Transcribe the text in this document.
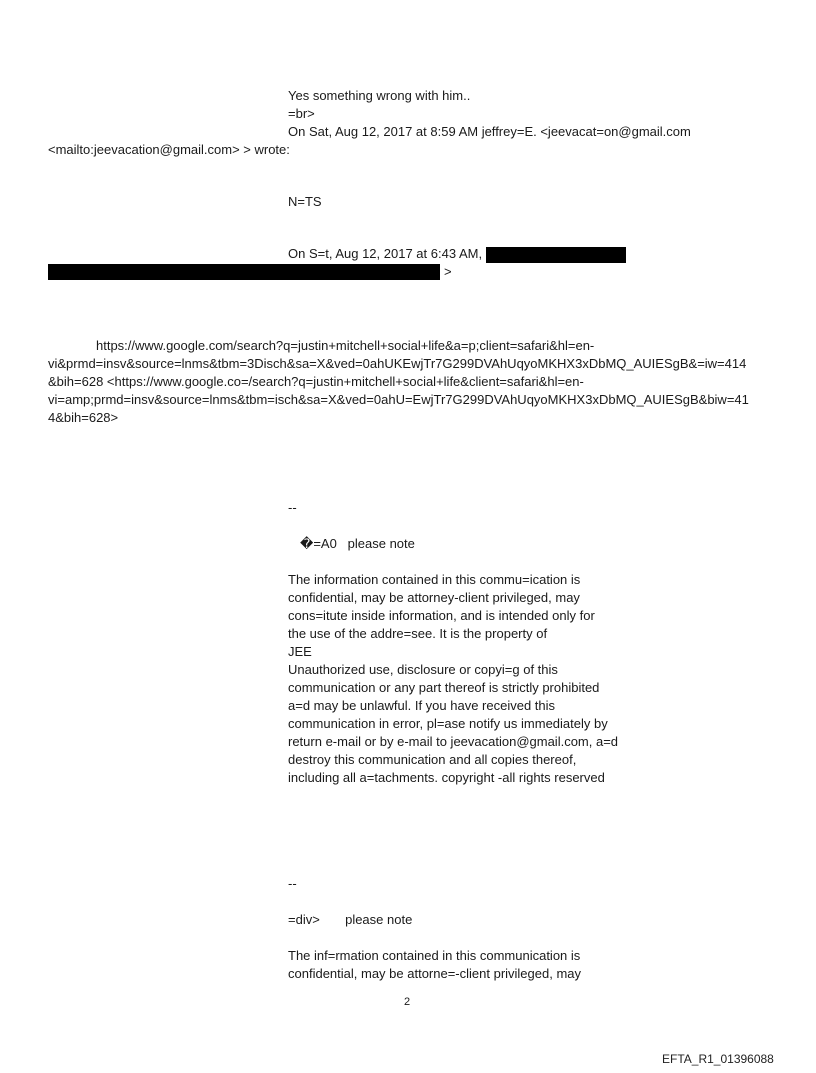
Yes something wrong with him..
=br>
On Sat, Aug 12, 2017 at 8:59 AM jeffrey=E. <jeevacat=on@gmail.com
<mailto:jeevacation@gmail.com> > wrote:
N=TS
On S=t, Aug 12, 2017 at 6:43 AM,
>
https://www.google.com/search?q=justin+mitchell+social+life&a=p;client=safari&hl=en-
vi&prmd=insv&source=lnms&tbm=3Disch&sa=X&ved=0ahUKEwjTr7G299DVAhUqyoMKHX3xDbMQ_AUIESgB&=iw=414
&bih=628 <https://www.google.co=/search?q=justin+mitchell+social+life&client=safari&hl=en-
vi=amp;prmd=insv&source=lnms&tbm=isch&sa=X&ved=0ahU=EwjTr7G299DVAhUqyoMKHX3xDbMQ_AUIESgB&biw=41
4&bih=628>
--
�=A0   please note
The information contained in this commu=ication is
confidential, may be attorney-client privileged, may
cons=itute inside information, and is intended only for
the use of the addre=see. It is the property of
JEE
Unauthorized use, disclosure or copyi=g of this
communication or any part thereof is strictly prohibited
a=d may be unlawful. If you have received this
communication in error, pl=ase notify us immediately by
return e-mail or by e-mail to jeevacation@gmail.com, a=d
destroy this communication and all copies thereof,
including all a=tachments. copyright -all rights reserved
--
=div>       please note
The inf=rmation contained in this communication is
confidential, may be attorne=-client privileged, may
2
EFTA_R1_01396088
